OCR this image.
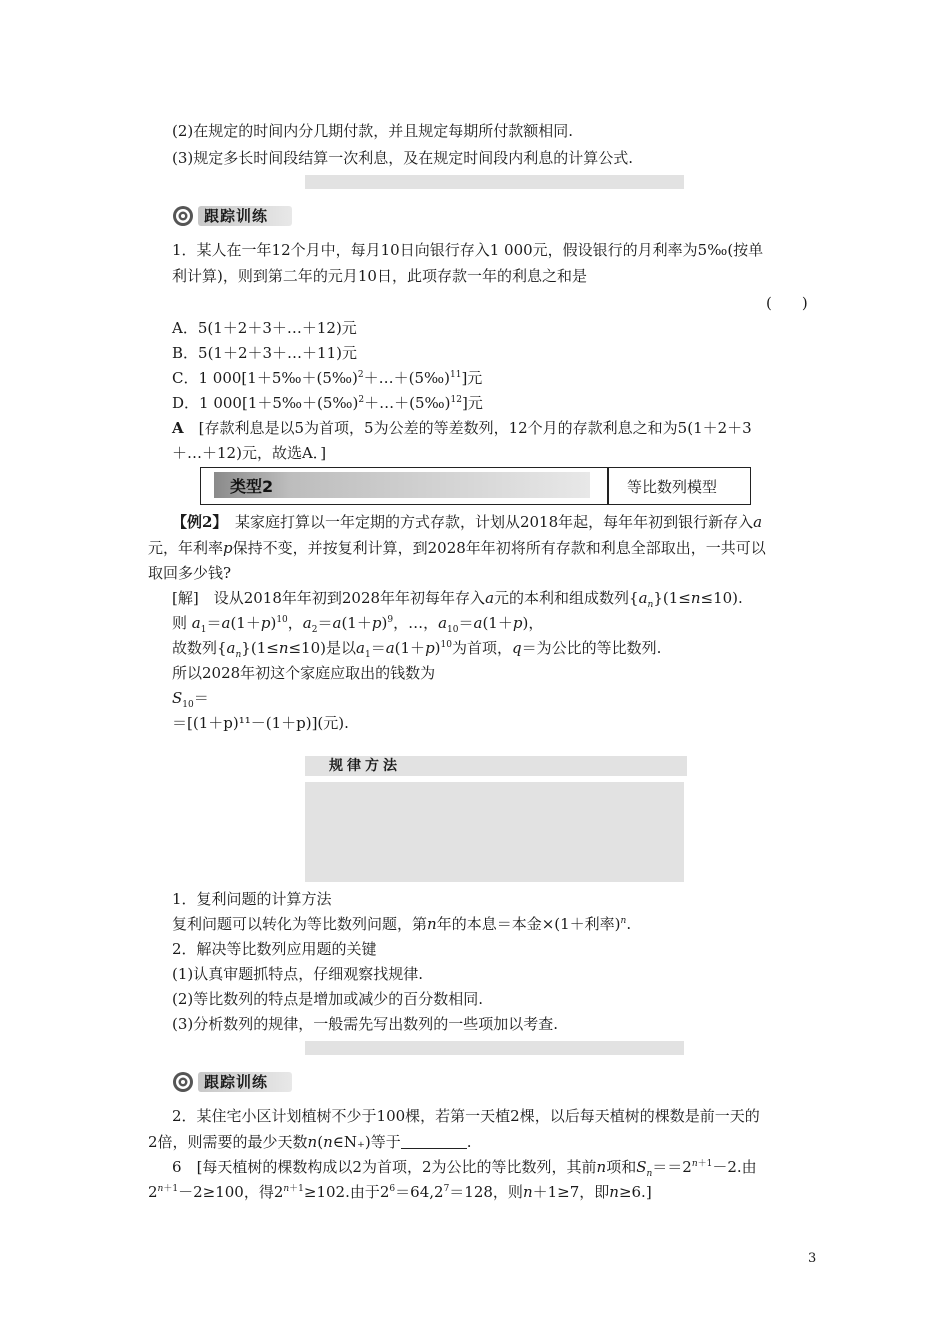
(2)在规定的时间内分几期付款，并且规定每期所付款额相同.
(3)规定多长时间段结算一次利息，及在规定时间段内利息的计算公式.
跟踪训练
1．某人在一年12个月中，每月10日向银行存入1 000元，假设银行的月利率为5‰(按单
利计算)，则到第二年的元月10日，此项存款一年的利息之和是
(　　)
A．5(1＋2＋3＋…＋12)元
B．5(1＋2＋3＋…＋11)元
C．1 000[1＋5‰＋(5‰)$^2$＋…＋(5‰)$^{11}$]元
D．1 000[1＋5‰＋(5‰)$^2$＋…＋(5‰)$^{12}$]元
A　 [存款利息是以5为首项，5为公差的等差数列，12个月的存款利息之和为5(1＋2＋3
＋…＋12)元，故选A．]
类型2	等比数列模型
【例2】　 某家庭打算以一年定期的方式存款，计划从2018年起，每年年初到银行新存入a
元，年利率p保持不变，并按复利计算，到2028年年初将所有存款和利息全部取出，一共可以
取回多少钱?
[解]　设从2018年年初到2028年年初每年存入a元的本利和组成数列$\{a_n\}(1\le n\le 10)$.
则 $a_1=a(1+p)^{10}$，$a_2=a(1+p)^9$，…，$a_{10}=a(1+p)$，
故数列$\{a_n\}(1\le n\le 10)$是以$a_1=a(1+p)^{10}$为首项，q＝为公比的等比数列.
所以2028年初这个家庭应取出的钱数为
$S_{10}=$
＝[(1＋p)¹¹－(1＋p)](元).
规律方法
1．复利问题的计算方法
复利问题可以转化为等比数列问题，第n年的本息＝本金×(1＋利率)$^n$.
2．解决等比数列应用题的关键
(1)认真审题抓特点，仔细观察找规律.
(2)等比数列的特点是增加或减少的百分数相同.
(3)分析数列的规律，一般需先写出数列的一些项加以考查.
跟踪训练
2．某住宅小区计划植树不少于100棵，若第一天植2棵，以后每天植树的棵数是前一天的
2倍，则需要的最少天数n(n∈N₊)等于	.
6　 [每天植树的棵数构成以2为首项，2为公比的等比数列，其前n项和$S_n==2^{n+1}-2$.由
$2^{n+1}-2\ge 100$，得$2^{n+1}\ge 102$.由于$2^6=64,2^7=128$，则n＋1≥7，即n≥6.]
3
